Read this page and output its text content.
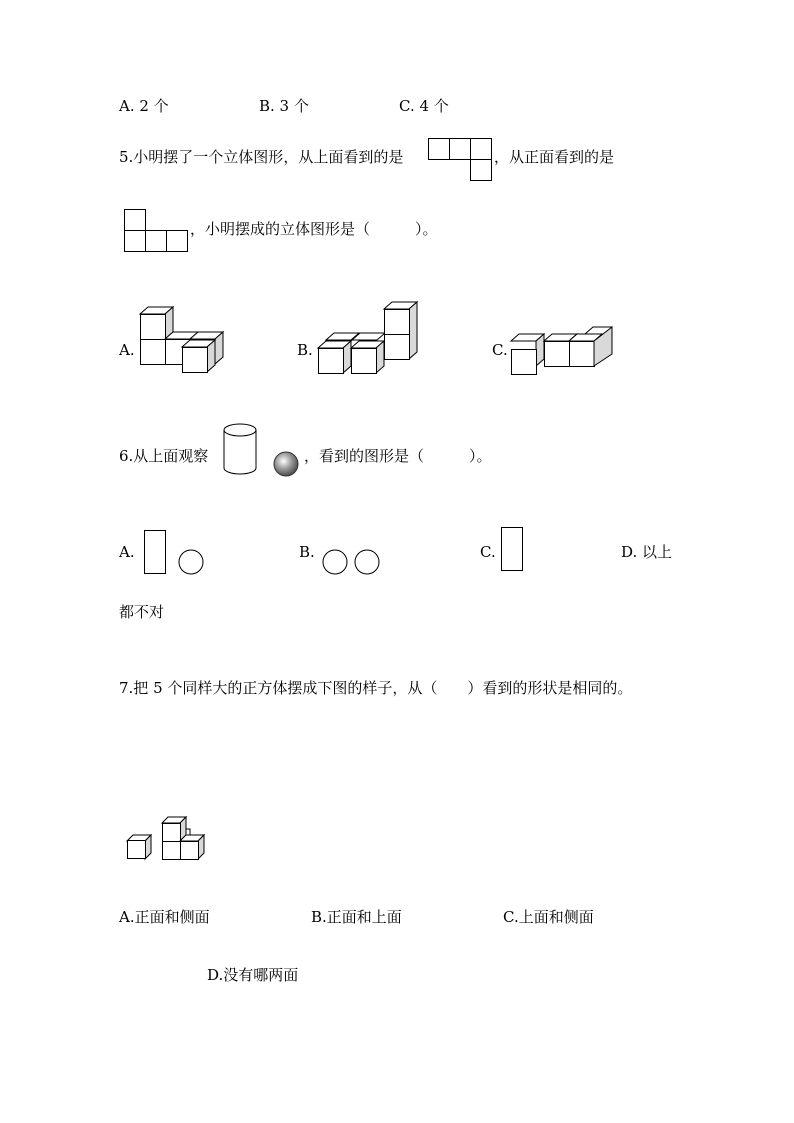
A. 2 个	B. 3 个	C. 4 个
5.小明摆了一个立体图形，从上面看到的是	，从正面看到的是
，小明摆成的立体图形是（　　　）。
A.	B.	C.
6.从上面观察	，看到的图形是（　　　）。
A.	B.	C.	D. 以上
都不对
7.把 5 个同样大的正方体摆成下图的样子，从（　　）看到的形状是相同的。
A.正面和侧面	B.正面和上面	C.上面和侧面
D.没有哪两面
